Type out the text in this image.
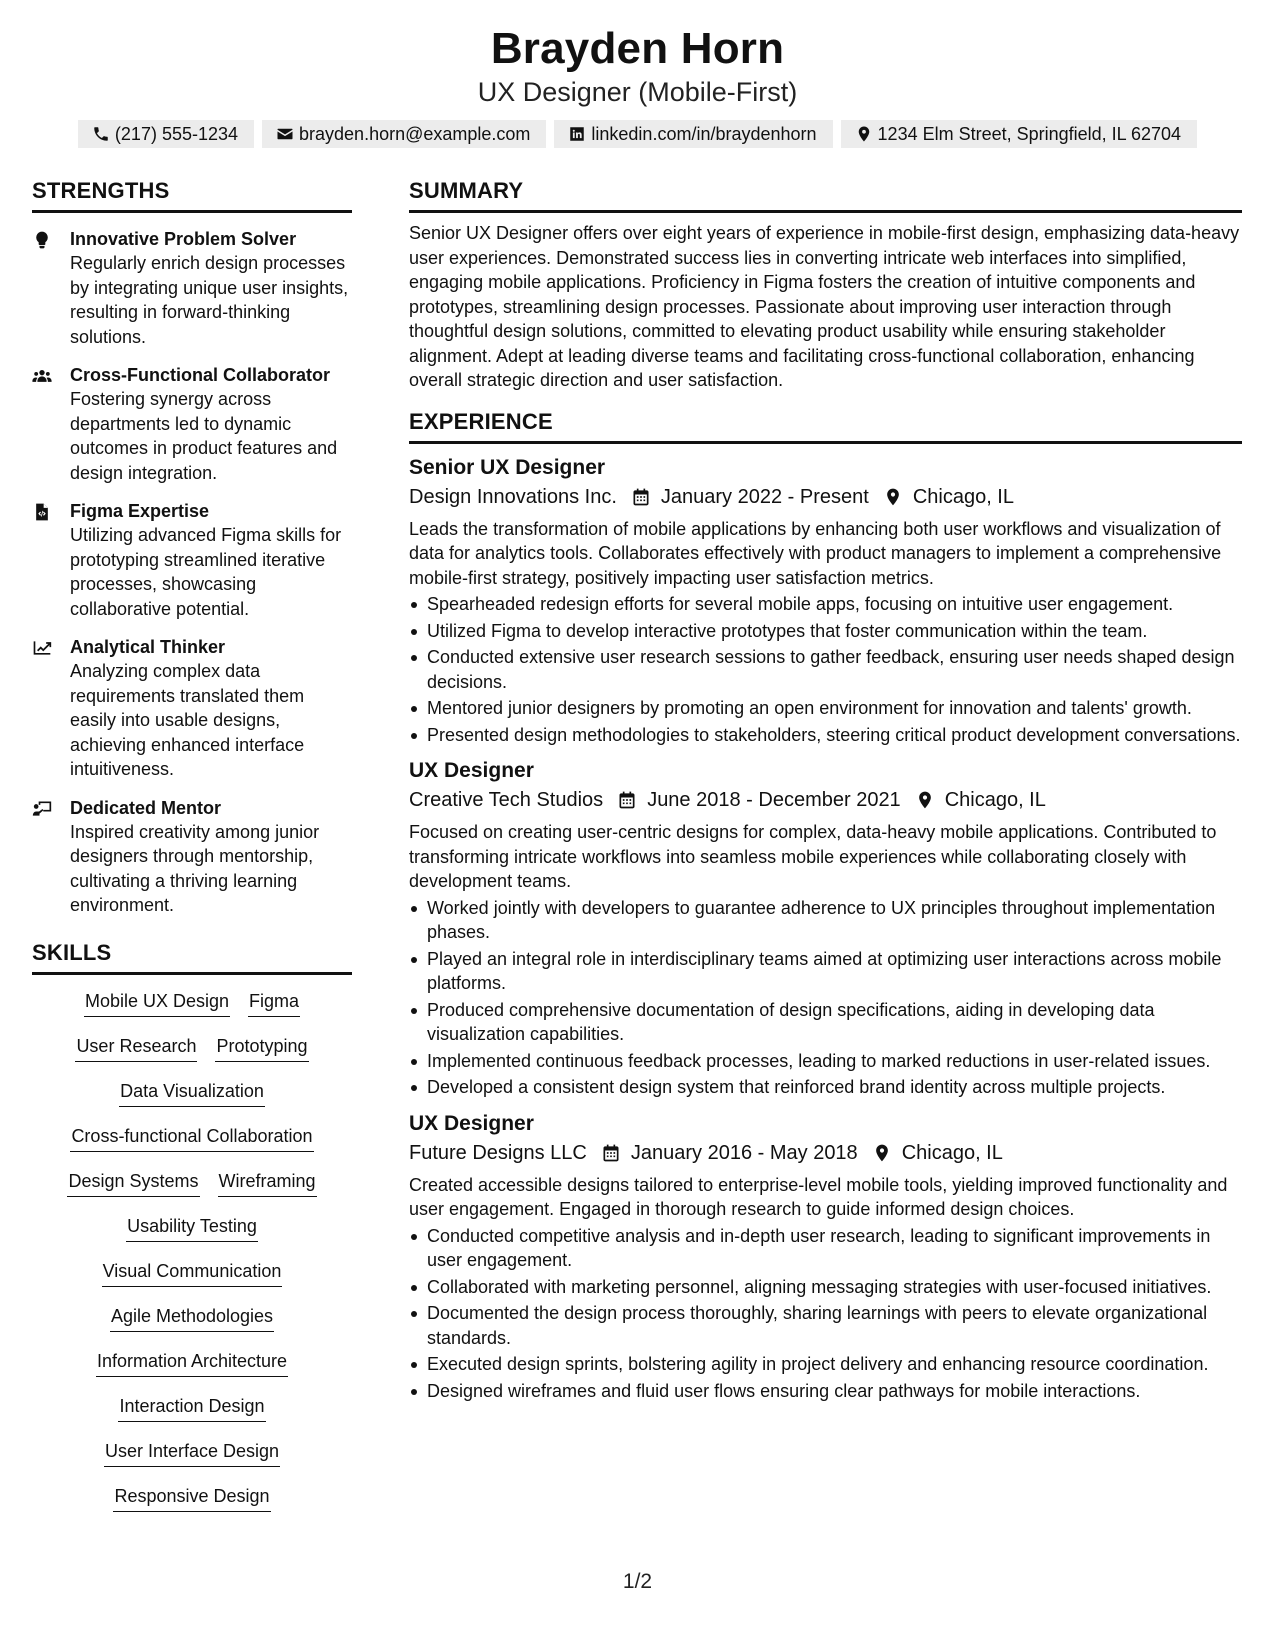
Brayden Horn
UX Designer (Mobile-First)
(217) 555-1234	brayden.horn@example.com	linkedin.com/in/braydenhorn	1234 Elm Street, Springfield, IL 62704
STRENGTHS
Innovative Problem Solver
Regularly enrich design processes by integrating unique user insights, resulting in forward-thinking solutions.
Cross-Functional Collaborator
Fostering synergy across departments led to dynamic outcomes in product features and design integration.
Figma Expertise
Utilizing advanced Figma skills for prototyping streamlined iterative processes, showcasing collaborative potential.
Analytical Thinker
Analyzing complex data requirements translated them easily into usable designs, achieving enhanced interface intuitiveness.
Dedicated Mentor
Inspired creativity among junior designers through mentorship, cultivating a thriving learning environment.
SKILLS
Mobile UX Design Figma
User Research Prototyping
Data Visualization
Cross-functional Collaboration
Design Systems Wireframing
Usability Testing
Visual Communication
Agile Methodologies
Information Architecture
Interaction Design
User Interface Design
Responsive Design
SUMMARY
Senior UX Designer offers over eight years of experience in mobile-first design, emphasizing data-heavy user experiences. Demonstrated success lies in converting intricate web interfaces into simplified, engaging mobile applications. Proficiency in Figma fosters the creation of intuitive components and prototypes, streamlining design processes. Passionate about improving user interaction through thoughtful design solutions, committed to elevating product usability while ensuring stakeholder alignment. Adept at leading diverse teams and facilitating cross-functional collaboration, enhancing overall strategic direction and user satisfaction.
EXPERIENCE
Senior UX Designer
Design Innovations Inc. January 2022 - Present Chicago, IL
Leads the transformation of mobile applications by enhancing both user workflows and visualization of data for analytics tools. Collaborates effectively with product managers to implement a comprehensive mobile-first strategy, positively impacting user satisfaction metrics.
Spearheaded redesign efforts for several mobile apps, focusing on intuitive user engagement.
Utilized Figma to develop interactive prototypes that foster communication within the team.
Conducted extensive user research sessions to gather feedback, ensuring user needs shaped design decisions.
Mentored junior designers by promoting an open environment for innovation and talents' growth.
Presented design methodologies to stakeholders, steering critical product development conversations.
UX Designer
Creative Tech Studios June 2018 - December 2021 Chicago, IL
Focused on creating user-centric designs for complex, data-heavy mobile applications. Contributed to transforming intricate workflows into seamless mobile experiences while collaborating closely with development teams.
Worked jointly with developers to guarantee adherence to UX principles throughout implementation phases.
Played an integral role in interdisciplinary teams aimed at optimizing user interactions across mobile platforms.
Produced comprehensive documentation of design specifications, aiding in developing data visualization capabilities.
Implemented continuous feedback processes, leading to marked reductions in user-related issues.
Developed a consistent design system that reinforced brand identity across multiple projects.
UX Designer
Future Designs LLC January 2016 - May 2018 Chicago, IL
Created accessible designs tailored to enterprise-level mobile tools, yielding improved functionality and user engagement. Engaged in thorough research to guide informed design choices.
Conducted competitive analysis and in-depth user research, leading to significant improvements in user engagement.
Collaborated with marketing personnel, aligning messaging strategies with user-focused initiatives.
Documented the design process thoroughly, sharing learnings with peers to elevate organizational standards.
Executed design sprints, bolstering agility in project delivery and enhancing resource coordination.
Designed wireframes and fluid user flows ensuring clear pathways for mobile interactions.
1/2
